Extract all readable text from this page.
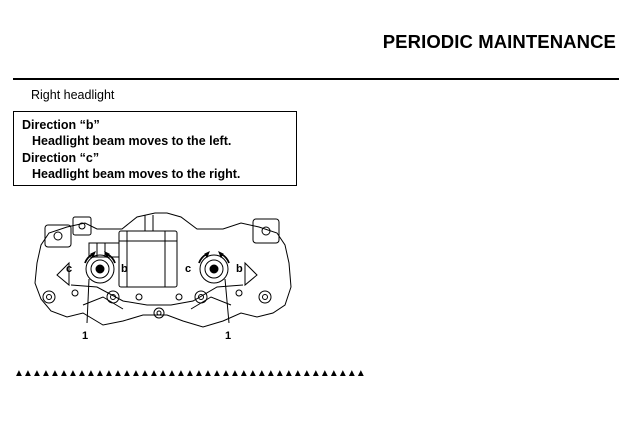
PERIODIC MAINTENANCE
Right headlight
Direction “b”
Headlight beam moves to the left.
Direction “c”
Headlight beam moves to the right.
c	b	c	b
1	1
▲▲▲▲▲▲▲▲▲▲▲▲▲▲▲▲▲▲▲▲▲▲▲▲▲▲▲▲▲▲▲▲▲▲▲▲▲▲▲
